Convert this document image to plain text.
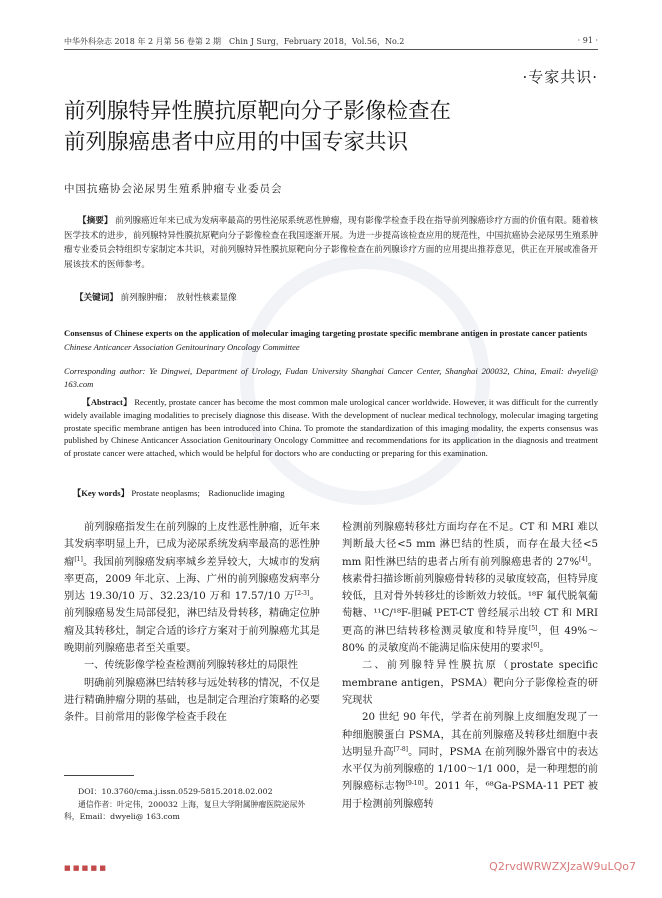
中华外科杂志 2018 年 2 月第 56 卷第 2 期　Chin J Surg，February 2018，Vol.56，No.2	· 91 ·
·专家共识·
前列腺特异性膜抗原靶向分子影像检查在
前列腺癌患者中应用的中国专家共识
中国抗癌协会泌尿男生殖系肿瘤专业委员会
【摘要】 前列腺癌近年来已成为发病率最高的男性泌尿系统恶性肿瘤，现有影像学检查手段在指导前列腺癌诊疗方面的价值有限。随着核医学技术的进步，前列腺特异性膜抗原靶向分子影像检查在我国逐渐开展。为进一步提高该检查应用的规范性，中国抗癌协会泌尿男生殖系肿瘤专业委员会特组织专家制定本共识，对前列腺特异性膜抗原靶向分子影像检查在前列腺诊疗方面的应用提出推荐意见，供正在开展或准备开展该技术的医师参考。
【关键词】 前列腺肿瘤；　放射性核素显像
Consensus of Chinese experts on the application of molecular imaging targeting prostate specific membrane antigen in prostate cancer patients   Chinese Anticancer Association Genitourinary Oncology Committee
Corresponding author: Ye Dingwei, Department of Urology, Fudan University Shanghai Cancer Center, Shanghai 200032, China, Email: dwyeli@ 163.com
【Abstract】 Recently, prostate cancer has become the most common male urological cancer worldwide. However, it was difficult for the currently widely available imaging modalities to precisely diagnose this disease. With the development of nuclear medical technology, molecular imaging targeting prostate specific membrane antigen has been introduced into China. To promote the standardization of this imaging modality, the experts consensus was published by Chinese Anticancer Association Genitourinary Oncology Committee and recommendations for its application in the diagnosis and treatment of prostate cancer were attached, which would be helpful for doctors who are conducting or preparing for this examination.
【Key words】 Prostate neoplasms;　Radionuclide imaging

前列腺癌指发生在前列腺的上皮性恶性肿瘤，近年来其发病率明显上升，已成为泌尿系统发病率最高的恶性肿瘤[1]。我国前列腺癌发病率城乡差异较大，大城市的发病率更高，2009 年北京、上海、广州的前列腺癌发病率分别达 19.30/10 万、32.23/10 万和 17.57/10 万[2-3]。前列腺癌易发生局部侵犯，淋巴结及骨转移，精确定位肿瘤及其转移灶，制定合适的诊疗方案对于前列腺癌尤其是晚期前列腺癌患者至关重要。

一、传统影像学检查检测前列腺转移灶的局限性

明确前列腺癌淋巴结转移与远处转移的情况，不仅是进行精确肿瘤分期的基础，也是制定合理治疗策略的必要条件。目前常用的影像学检查手段在

检测前列腺癌转移灶方面均存在不足。CT 和 MRI 难以判断最大径<5 mm 淋巴结的性质，而存在最大径<5 mm 阳性淋巴结的患者占所有前列腺癌患者的 27%[4]。核素骨扫描诊断前列腺癌骨转移的灵敏度较高，但特异度较低，且对骨外转移灶的诊断效力较低。¹⁸F 氟代脱氧葡萄糖、¹¹C/¹⁸F-胆碱 PET-CT 曾经展示出较 CT 和 MRI 更高的淋巴结转移检测灵敏度和特异度[5]，但 49%～80% 的灵敏度尚不能满足临床使用的要求[6]。

二、前列腺特异性膜抗原（prostate specific membrane antigen，PSMA）靶向分子影像检查的研究现状

20 世纪 90 年代，学者在前列腺上皮细胞发现了一种细胞膜蛋白 PSMA，其在前列腺癌及转移灶细胞中表达明显升高[7-8]。同时，PSMA 在前列腺外器官中的表达水平仅为前列腺癌的 1/100～1/1 000，是一种理想的前列腺癌标志物[9-10]。2011 年，⁶⁸Ga-PSMA-11 PET 被用于检测前列腺癌转

DOI：10.3760/cma.j.issn.0529-5815.2018.02.002
通信作者：叶定伟，200032 上海，复旦大学附属肿瘤医院泌尿外科，Email：dwyeli@ 163.com
■ ■ ■ ■ ■	Q2rvdWRWZXJzaW9uLQo7
